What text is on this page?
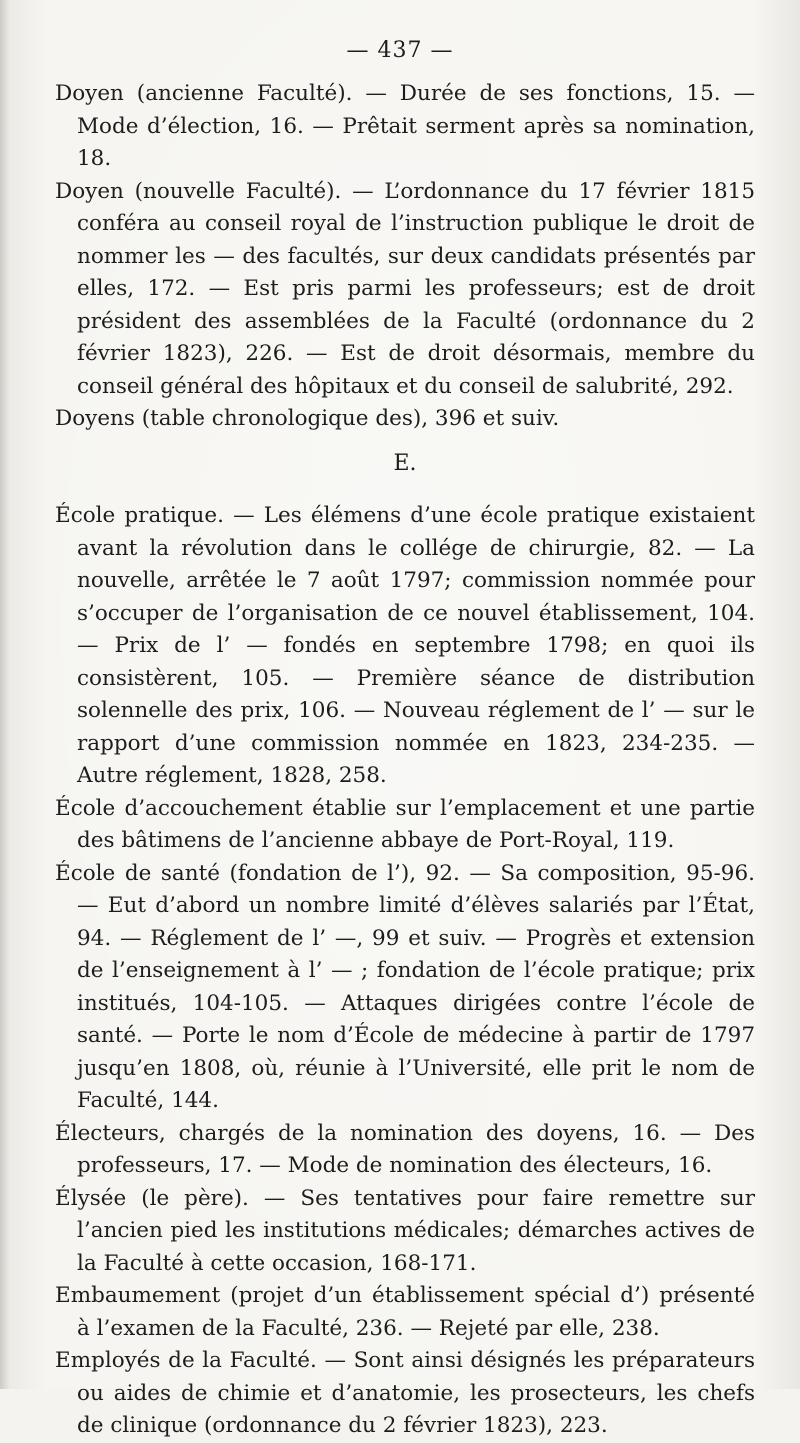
— 437 —

Doyen (ancienne Faculté). — Durée de ses fonctions, 15. — Mode d’élection, 16. — Prêtait serment après sa nomination, 18.

Doyen (nouvelle Faculté). — L’ordonnance du 17 février 1815 conféra au conseil royal de l’instruction publique le droit de nommer les — des facultés, sur deux candidats présentés par elles, 172. — Est pris parmi les professeurs; est de droit président des assemblées de la Faculté (ordonnance du 2 février 1823), 226. — Est de droit désormais, membre du conseil général des hôpitaux et du conseil de salubrité, 292.

Doyens (table chronologique des), 396 et suiv.

E.

École pratique. — Les élémens d’une école pratique existaient avant la révolution dans le collége de chirurgie, 82. — La nouvelle, arrêtée le 7 août 1797; commission nommée pour s’occuper de l’organisation de ce nouvel établissement, 104. — Prix de l’ — fondés en septembre 1798; en quoi ils consistèrent, 105. — Première séance de distribution solennelle des prix, 106. — Nouveau réglement de l’ — sur le rapport d’une commission nommée en 1823, 234-235. — Autre réglement, 1828, 258.

École d’accouchement établie sur l’emplacement et une partie des bâtimens de l’ancienne abbaye de Port-Royal, 119.

École de santé (fondation de l’), 92. — Sa composition, 95-96. — Eut d’abord un nombre limité d’élèves salariés par l’État, 94. — Réglement de l’ —, 99 et suiv. — Progrès et extension de l’enseignement à l’ — ; fondation de l’école pratique; prix institués, 104-105. — Attaques dirigées contre l’école de santé. — Porte le nom d’École de médecine à partir de 1797 jusqu’en 1808, où, réunie à l’Université, elle prit le nom de Faculté, 144.

Électeurs, chargés de la nomination des doyens, 16. — Des professeurs, 17. — Mode de nomination des électeurs, 16.

Élysée (le père). — Ses tentatives pour faire remettre sur l’ancien pied les institutions médicales; démarches actives de la Faculté à cette occasion, 168-171.

Embaumement (projet d’un établissement spécial d’) présenté à l’examen de la Faculté, 236. — Rejeté par elle, 238.

Employés de la Faculté. — Sont ainsi désignés les préparateurs ou aides de chimie et d’anatomie, les prosecteurs, les chefs de clinique (ordonnance du 2 février 1823), 223.
